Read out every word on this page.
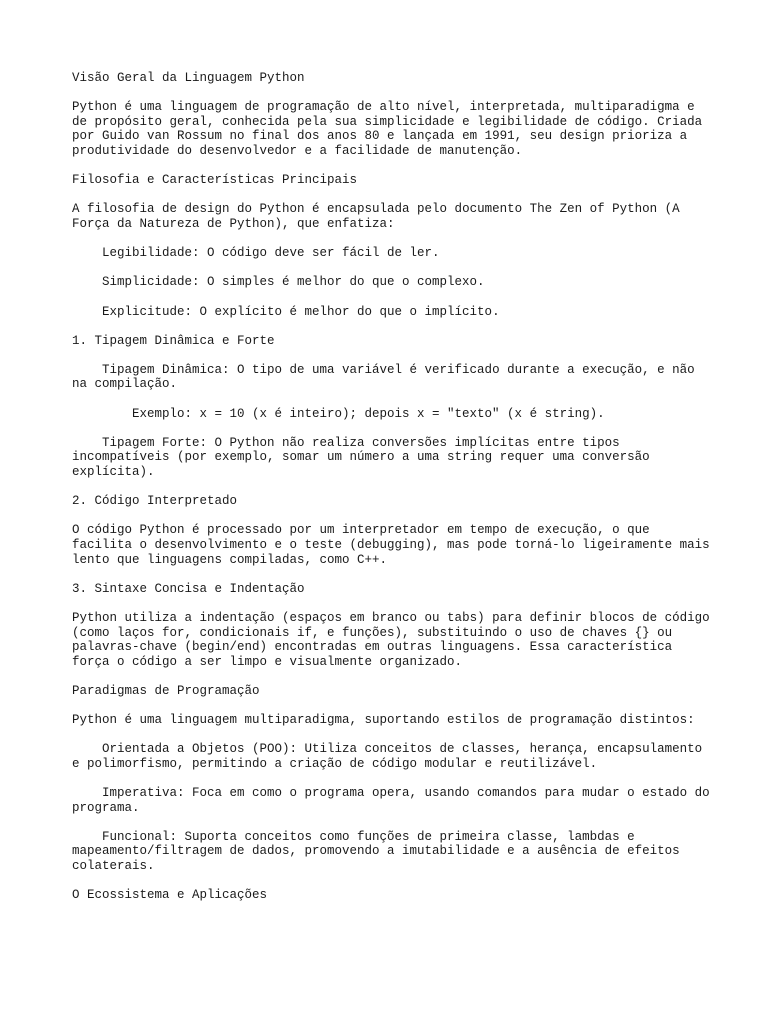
Visão Geral da Linguagem Python

Python é uma linguagem de programação de alto nível, interpretada, multiparadigma e de propósito geral, conhecida pela sua simplicidade e legibilidade de código. Criada por Guido van Rossum no final dos anos 80 e lançada em 1991, seu design prioriza a produtividade do desenvolvedor e a facilidade de manutenção.

Filosofia e Características Principais

A filosofia de design do Python é encapsulada pelo documento The Zen of Python (A Força da Natureza de Python), que enfatiza:

Legibilidade: O código deve ser fácil de ler.

Simplicidade: O simples é melhor do que o complexo.

Explicitude: O explícito é melhor do que o implícito.

1. Tipagem Dinâmica e Forte

Tipagem Dinâmica: O tipo de uma variável é verificado durante a execução, e não na compilação.

Exemplo: x = 10 (x é inteiro); depois x = "texto" (x é string).

Tipagem Forte: O Python não realiza conversões implícitas entre tipos incompatíveis (por exemplo, somar um número a uma string requer uma conversão explícita).

2. Código Interpretado

O código Python é processado por um interpretador em tempo de execução, o que facilita o desenvolvimento e o teste (debugging), mas pode torná-lo ligeiramente mais lento que linguagens compiladas, como C++.

3. Sintaxe Concisa e Indentação

Python utiliza a indentação (espaços em branco ou tabs) para definir blocos de código (como laços for, condicionais if, e funções), substituindo o uso de chaves {} ou palavras-chave (begin/end) encontradas em outras linguagens. Essa característica força o código a ser limpo e visualmente organizado.

Paradigmas de Programação

Python é uma linguagem multiparadigma, suportando estilos de programação distintos:

Orientada a Objetos (POO): Utiliza conceitos de classes, herança, encapsulamento e polimorfismo, permitindo a criação de código modular e reutilizável.

Imperativa: Foca em como o programa opera, usando comandos para mudar o estado do programa.

Funcional: Suporta conceitos como funções de primeira classe, lambdas e mapeamento/filtragem de dados, promovendo a imutabilidade e a ausência de efeitos colaterais.

O Ecossistema e Aplicações
